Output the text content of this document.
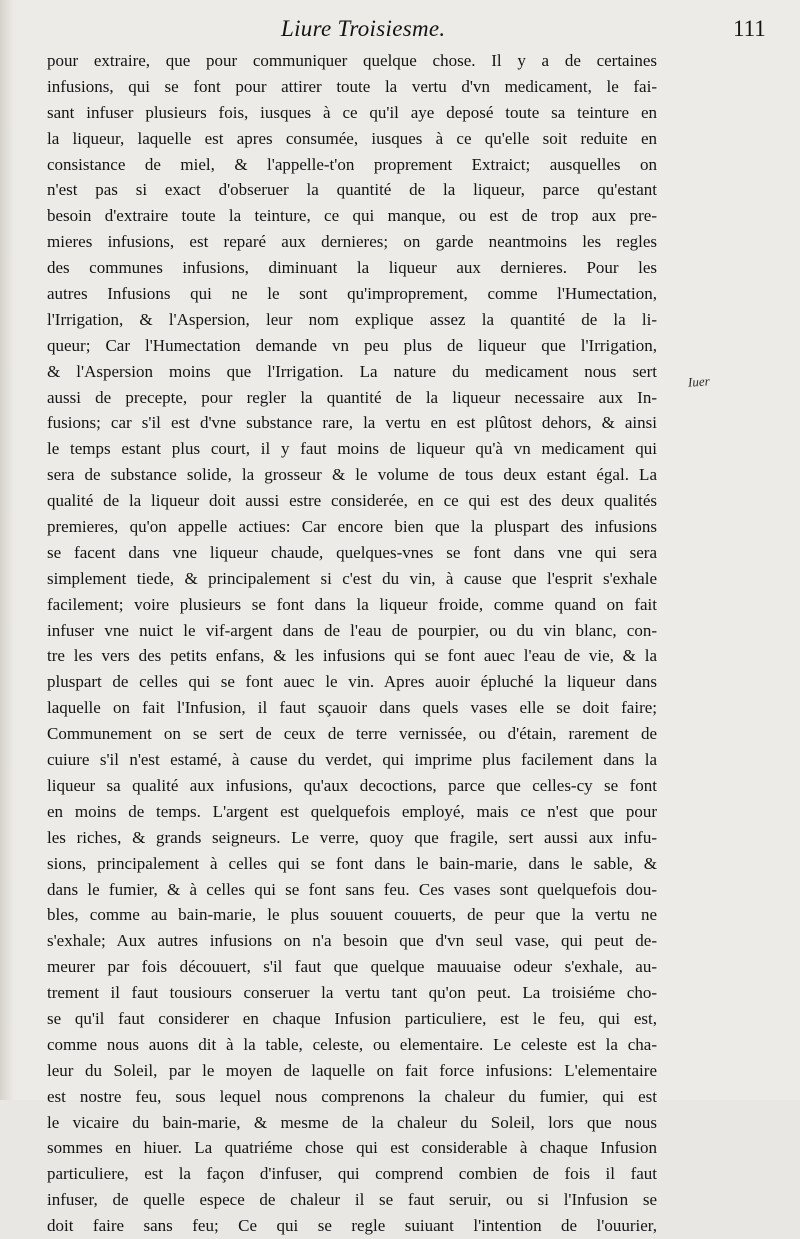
Liure Troisiesme.	111
pour extraire, que pour communiquer quelque chose. Il y a de certaines
infusions, qui se font pour attirer toute la vertu d'vn medicament, le fai-
sant infuser plusieurs fois, iusques à ce qu'il aye deposé toute sa teinture en
la liqueur, laquelle est apres consumée, iusques à ce qu'elle soit reduite en
consistance de miel, & l'appelle-t'on proprement Extraict; ausquelles on
n'est pas si exact d'obseruer la quantité de la liqueur, parce qu'estant
besoin d'extraire toute la teinture, ce qui manque, ou est de trop aux pre-
mieres infusions, est reparé aux dernieres; on garde neantmoins les regles
des communes infusions, diminuant la liqueur aux dernieres. Pour les
autres Infusions qui ne le sont qu'improprement, comme l'Humectation,
l'Irrigation, & l'Aspersion, leur nom explique assez la quantité de la li-
queur; Car l'Humectation demande vn peu plus de liqueur que l'Irrigation,
& l'Aspersion moins que l'Irrigation. La nature du medicament nous sert
aussi de precepte, pour regler la quantité de la liqueur necessaire aux In-
fusions; car s'il est d'vne substance rare, la vertu en est plûtost dehors, & ainsi
le temps estant plus court, il y faut moins de liqueur qu'à vn medicament qui
sera de substance solide, la grosseur & le volume de tous deux estant égal. La
qualité de la liqueur doit aussi estre considerée, en ce qui est des deux qualités
premieres, qu'on appelle actiues: Car encore bien que la pluspart des infusions
se facent dans vne liqueur chaude, quelques-vnes se font dans vne qui sera
simplement tiede, & principalement si c'est du vin, à cause que l'esprit s'exhale
facilement; voire plusieurs se font dans la liqueur froide, comme quand on fait
infuser vne nuict le vif-argent dans de l'eau de pourpier, ou du vin blanc, con-
tre les vers des petits enfans, & les infusions qui se font auec l'eau de vie, & la
pluspart de celles qui se font auec le vin. Apres auoir épluché la liqueur dans
laquelle on fait l'Infusion, il faut sçauoir dans quels vases elle se doit faire;
Communement on se sert de ceux de terre vernissée, ou d'étain, rarement de
cuiure s'il n'est estamé, à cause du verdet, qui imprime plus facilement dans la
liqueur sa qualité aux infusions, qu'aux decoctions, parce que celles-cy se font
en moins de temps. L'argent est quelquefois employé, mais ce n'est que pour
les riches, & grands seigneurs. Le verre, quoy que fragile, sert aussi aux infu-
sions, principalement à celles qui se font dans le bain-marie, dans le sable, &
dans le fumier, & à celles qui se font sans feu. Ces vases sont quelquefois dou-
bles, comme au bain-marie, le plus souuent couuerts, de peur que la vertu ne
s'exhale; Aux autres infusions on n'a besoin que d'vn seul vase, qui peut de-
meurer par fois découuert, s'il faut que quelque mauuaise odeur s'exhale, au-
trement il faut tousiours conseruer la vertu tant qu'on peut. La troisiéme cho-
se qu'il faut considerer en chaque Infusion particuliere, est le feu, qui est,
comme nous auons dit à la table, celeste, ou elementaire. Le celeste est la cha-
leur du Soleil, par le moyen de laquelle on fait force infusions: L'elementaire
est nostre feu, sous lequel nous comprenons la chaleur du fumier, qui est
le vicaire du bain-marie, & mesme de la chaleur du Soleil, lors que nous
sommes en hiuer. La quatriéme chose qui est considerable à chaque Infusion
particuliere, est la façon d'infuser, qui comprend combien de fois il faut
infuser, de quelle espece de chaleur il se faut seruir, ou si l'Infusion se
doit faire sans feu; Ce qui se regle suiuant l'intention de l'ouurier,
Iuer
